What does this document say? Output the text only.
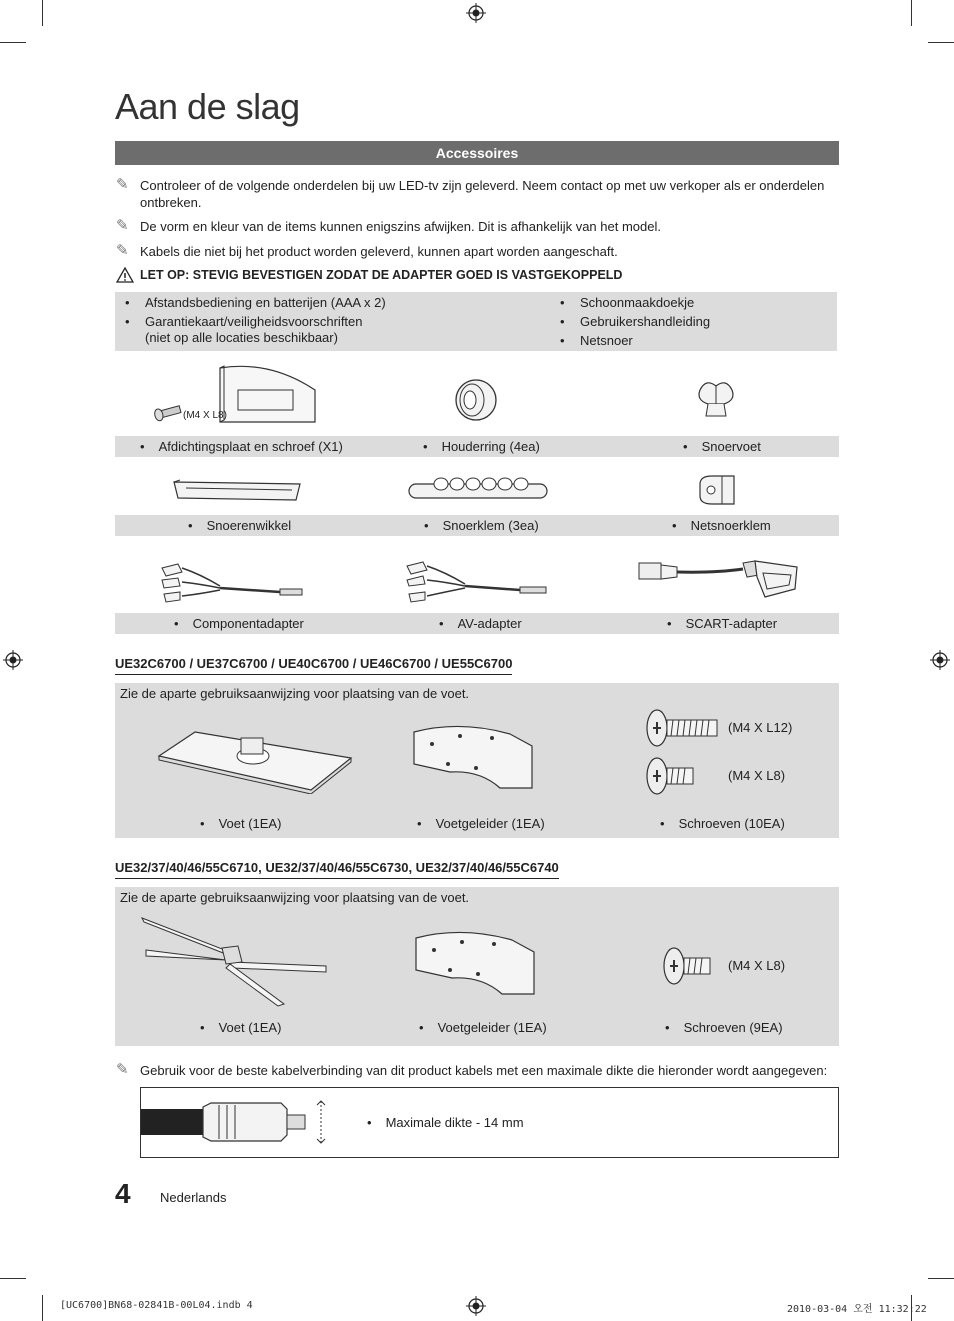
Aan de slag
Accessoires
✎ Controleer of de volgende onderdelen bij uw LED-tv zijn geleverd. Neem contact op met uw verkoper als er onderdelen ontbreken.
✎ De vorm en kleur van de items kunnen enigszins afwijken. Dit is afhankelijk van het model.
✎ Kabels die niet bij het product worden geleverd, kunnen apart worden aangeschaft.
LET OP: STEVIG BEVESTIGEN ZODAT DE ADAPTER GOED IS VASTGEKOPPELD
• Afstandsbediening en batterijen (AAA x 2)
• Garantiekaart/veiligheidsvoorschriften
(niet op alle locaties beschikbaar)
• Schoonmaakdoekje
• Gebruikershandleiding
• Netsnoer
(M4 X L8)
• Afdichtingsplaat en schroef (X1)	• Houderring (4ea)	• Snoervoet
• Snoerenwikkel	• Snoerklem (3ea)	• Netsnoerklem
• Componentadapter	• AV-adapter	• SCART-adapter
UE32C6700 / UE37C6700 / UE40C6700 / UE46C6700 / UE55C6700
Zie de aparte gebruiksaanwijzing voor plaatsing van de voet.
(M4 X L12)
(M4 X L8)
• Voet (1EA)	• Voetgeleider (1EA)	• Schroeven (10EA)
UE32/37/40/46/55C6710, UE32/37/40/46/55C6730, UE32/37/40/46/55C6740
Zie de aparte gebruiksaanwijzing voor plaatsing van de voet.
(M4 X L8)
• Voet (1EA)	• Voetgeleider (1EA)	• Schroeven (9EA)
✎ Gebruik voor de beste kabelverbinding van dit product kabels met een maximale dikte die hieronder wordt aangegeven:
• Maximale dikte - 14 mm
4 Nederlands
[UC6700]BN68-02841B-00L04.indb 4	2010-03-04 오전 11:32:22
